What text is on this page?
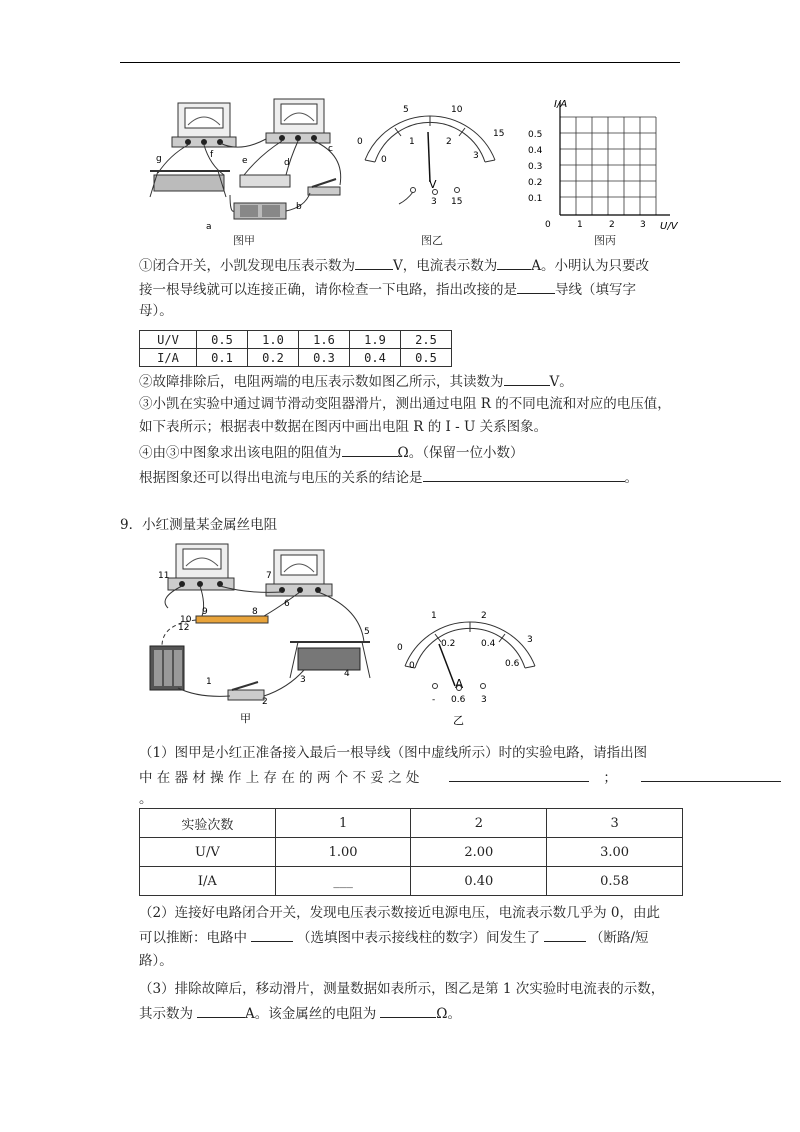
g	f
e	d
c
b
a
图甲
0
5	10
15
0
1	2
3
V
3 15
图乙
I/A
U/V
0.5
0.4
0.3
0.2
0.1
0	1	2	3
图丙
①闭合开关，小凯发现电压表示数为	V，电流表示数为	A。小明认为只要改
接一根导线就可以连接正确，请你检查一下电路，指出改接的是	导线（填写字
母）。
U/V	0.5	1.0	1.6	1.9	2.5
I/A	0.1	0.2	0.3	0.4	0.5
②故障排除后，电阻两端的电压表示数如图乙所示，其读数为	V。
③小凯在实验中通过调节滑动变阻器滑片，测出通过电阻 R 的不同电流和对应的电压值，
如下表所示；根据表中数据在图丙中画出电阻 R 的 I - U 关系图象。
④由③中图象求出该电阻的阻值为	Ω。（保留一位小数）
根据图象还可以得出电流与电压的关系的结论是	。
9．小红测量某金属丝电阻
11	7
6
8
9
12
10
5
4
3
1
2
甲
0
1	2
3
0
0.2	0.4
0.6
A
- 0.6 3
乙
（1）图甲是小红正准备接入最后一根导线（图中虚线所示）时的实验电路，请指出图
中 在 器 材 操 作 上 存 在 的 两 个 不 妥 之 处	；
。
实验次数	1	2	3
U/V	1.00	2.00	3.00
I/A	___	0.40	0.58
（2）连接好电路闭合开关，发现电压表示数接近电源电压，电流表示数几乎为 0，由此
可以推断：电路中	（选填图中表示接线柱的数字）间发生了	（断路/短
路）。
（3）排除故障后，移动滑片，测量数据如表所示，图乙是第 1 次实验时电流表的示数，
其示数为	A。该金属丝的电阻为	Ω。
